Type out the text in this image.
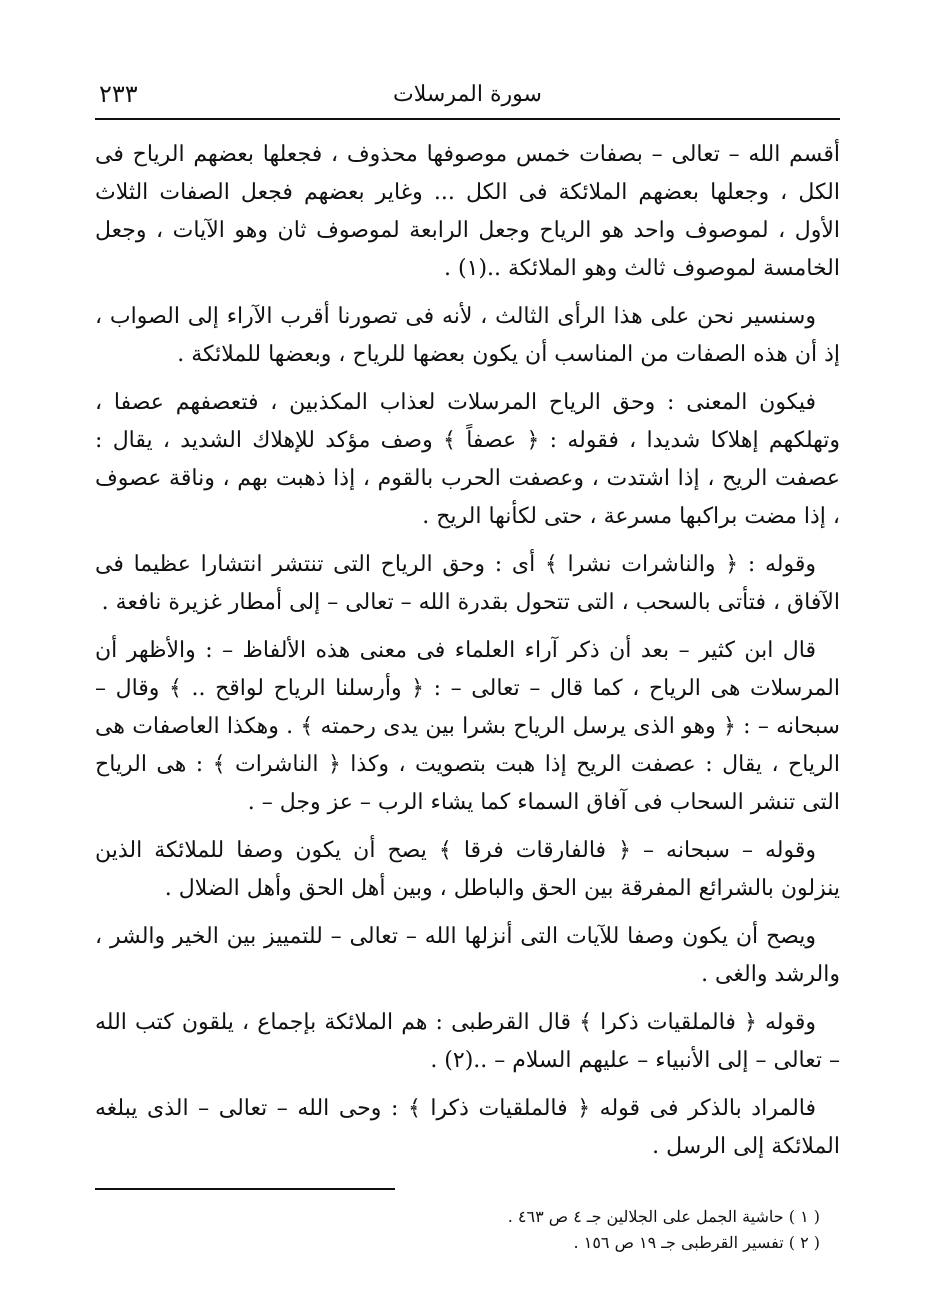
سورة المرسلات
٢٣٣

أقسم الله – تعالى – بصفات خمس موصوفها محذوف ، فجعلها بعضهم الرياح فى الكل ، وجعلها بعضهم الملائكة فى الكل ... وغاير بعضهم فجعل الصفات الثلاث الأول ، لموصوف واحد هو الرياح وجعل الرابعة لموصوف ثان وهو الآيات ، وجعل الخامسة لموصوف ثالث وهو الملائكة ..(١) .

وسنسير نحن على هذا الرأى الثالث ، لأنه فى تصورنا أقرب الآراء إلى الصواب ، إذ أن هذه الصفات من المناسب أن يكون بعضها للرياح ، وبعضها للملائكة .

فيكون المعنى : وحق الرياح المرسلات لعذاب المكذبين ، فتعصفهم عصفا ، وتهلكهم إهلاكا شديدا ، فقوله : ﴿ عصفاً ﴾ وصف مؤكد للإهلاك الشديد ، يقال : عصفت الريح ، إذا اشتدت ، وعصفت الحرب بالقوم ، إذا ذهبت بهم ، وناقة عصوف ، إذا مضت براكبها مسرعة ، حتى لكأنها الريح .

وقوله : ﴿ والناشرات نشرا ﴾ أى : وحق الرياح التى تنتشر انتشارا عظيما فى الآفاق ، فتأتى بالسحب ، التى تتحول بقدرة الله – تعالى – إلى أمطار غزيرة نافعة .

قال ابن كثير – بعد أن ذكر آراء العلماء فى معنى هذه الألفاظ – : والأظهر أن المرسلات هى الرياح ، كما قال – تعالى – : ﴿ وأرسلنا الرياح لواقح .. ﴾ وقال – سبحانه – : ﴿ وهو الذى يرسل الرياح بشرا بين يدى رحمته ﴾ . وهكذا العاصفات هى الرياح ، يقال : عصفت الريح إذا هبت بتصويت ، وكذا ﴿ الناشرات ﴾ : هى الرياح التى تنشر السحاب فى آفاق السماء كما يشاء الرب – عز وجل – .

وقوله – سبحانه – ﴿ فالفارقات فرقا ﴾ يصح أن يكون وصفا للملائكة الذين ينزلون بالشرائع المفرقة بين الحق والباطل ، وبين أهل الحق وأهل الضلال .

ويصح أن يكون وصفا للآيات التى أنزلها الله – تعالى – للتمييز بين الخير والشر ، والرشد والغى .

وقوله ﴿ فالملقيات ذكرا ﴾ قال القرطبى : هم الملائكة بإجماع ، يلقون كتب الله – تعالى – إلى الأنبياء – عليهم السلام – ..(٢) .

فالمراد بالذكر فى قوله ﴿ فالملقيات ذكرا ﴾ : وحى الله – تعالى – الذى يبلغه الملائكة إلى الرسل .

( ١ ) حاشية الجمل على الجلالين جـ ٤ ص ٤٦٣ .
( ٢ ) تفسير القرطبى جـ ١٩ ص ١٥٦ .
